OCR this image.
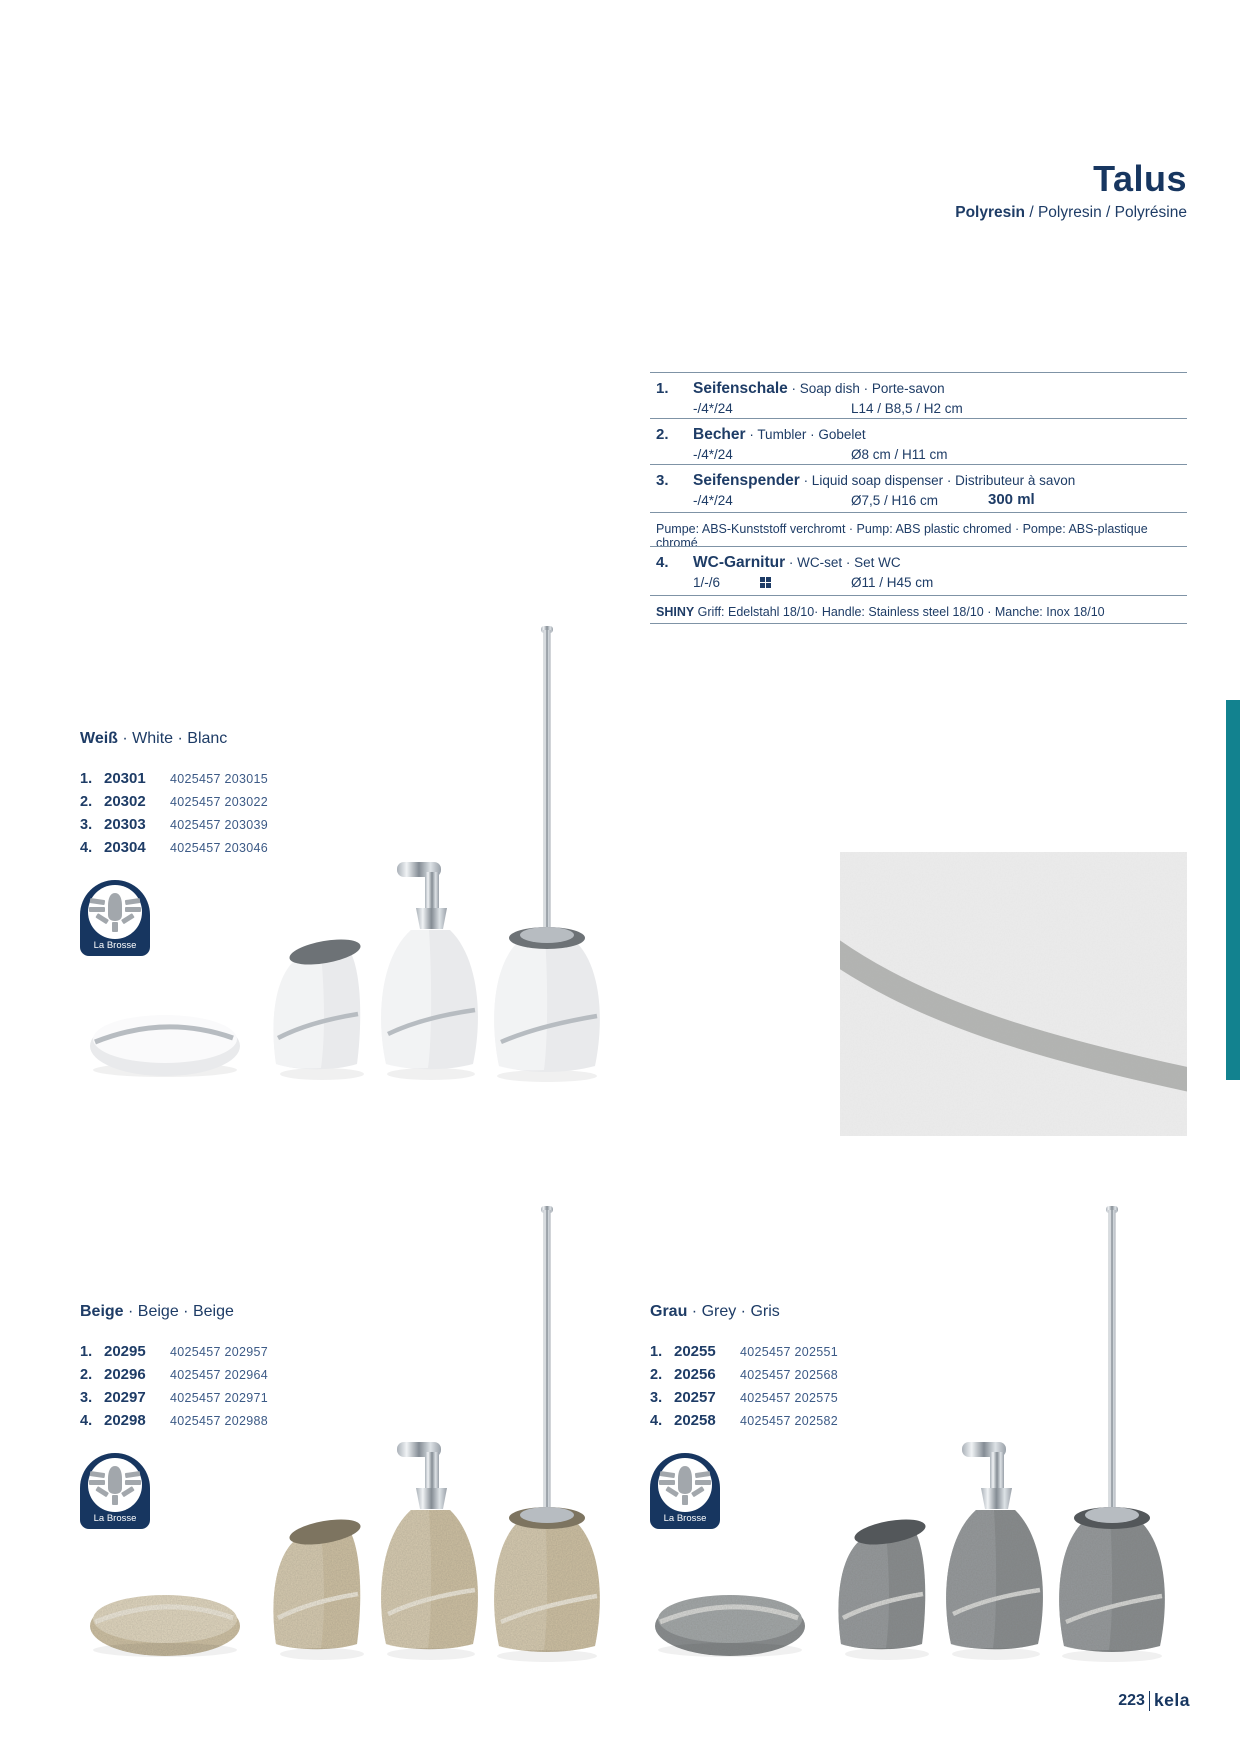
Talus
Polyresin / Polyresin / Polyrésine
1. Seifenschale · Soap dish · Porte-savon
-/4*/24	L14 / B8,5 / H2 cm
2. Becher · Tumbler · Gobelet
-/4*/24	Ø8 cm / H11 cm
3. Seifenspender · Liquid soap dispenser · Distributeur à savon
-/4*/24	Ø7,5 / H16 cm	300 ml
Pumpe: ABS-Kunststoff verchromt · Pump: ABS plastic chromed · Pompe: ABS-plastique chromé
4. WC-Garnitur · WC-set · Set WC
1/-/6	Ø11 / H45 cm
SHINY Griff: Edelstahl 18/10· Handle: Stainless steel 18/10 · Manche: Inox 18/10
Weiß · White · Blanc
1. 20301 4025457 203015
2. 20302 4025457 203022
3. 20303 4025457 203039
4. 20304 4025457 203046
La Brosse
Beige · Beige · Beige
1. 20295 4025457 202957
2. 20296 4025457 202964
3. 20297 4025457 202971
4. 20298 4025457 202988
La Brosse
Grau · Grey · Gris
1. 20255 4025457 202551
2. 20256 4025457 202568
3. 20257 4025457 202575
4. 20258 4025457 202582
La Brosse
223 kela
